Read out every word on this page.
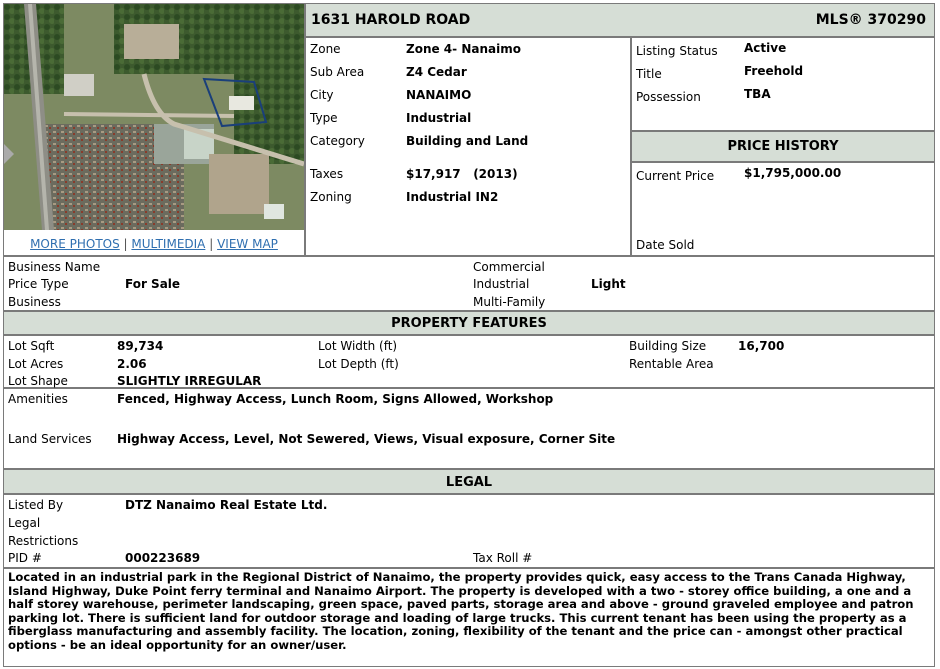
MORE PHOTOS | MULTIMEDIA | VIEW MAP
1631 HAROLD ROAD	MLS® 370290
Zone	Zone 4- Nanaimo
Sub Area	Z4 Cedar
City	NANAIMO
Type	Industrial
Category	Building and Land
Taxes	$17,917   (2013)
Zoning	Industrial IN2
Listing Status Active
Title	Freehold
Possession	TBA
PRICE HISTORY
Current Price $1,795,000.00
Date Sold
Business Name
Price Type	For Sale
Business
Commercial
Industrial	Light
Multi-Family
PROPERTY FEATURES
Lot Sqft	89,734
Lot Acres	2.06
Lot Shape	SLIGHTLY IRREGULAR
Lot Width (ft)
Lot Depth (ft)
Building Size	16,700
Rentable Area
Amenities	Fenced, Highway Access, Lunch Room, Signs Allowed, Workshop
Land Services Highway Access, Level, Not Sewered, Views, Visual exposure, Corner Site
LEGAL
Listed By	DTZ Nanaimo Real Estate Ltd.
Legal
Restrictions
PID #	000223689	Tax Roll #

Located in an industrial park in the Regional District of Nanaimo, the property provides quick, easy access to the Trans Canada Highway, Island Highway, Duke Point ferry terminal and Nanaimo Airport. The property is developed with a two - storey office building, a one and a half storey warehouse, perimeter landscaping, green space, paved parts, storage area and above - ground graveled employee and patron parking lot. There is sufficient land for outdoor storage and loading of large trucks. This current tenant has been using the property as a fiberglass manufacturing and assembly facility. The location, zoning, flexibility of the tenant and the price can - amongst other practical options - be an ideal opportunity for an owner/user.
